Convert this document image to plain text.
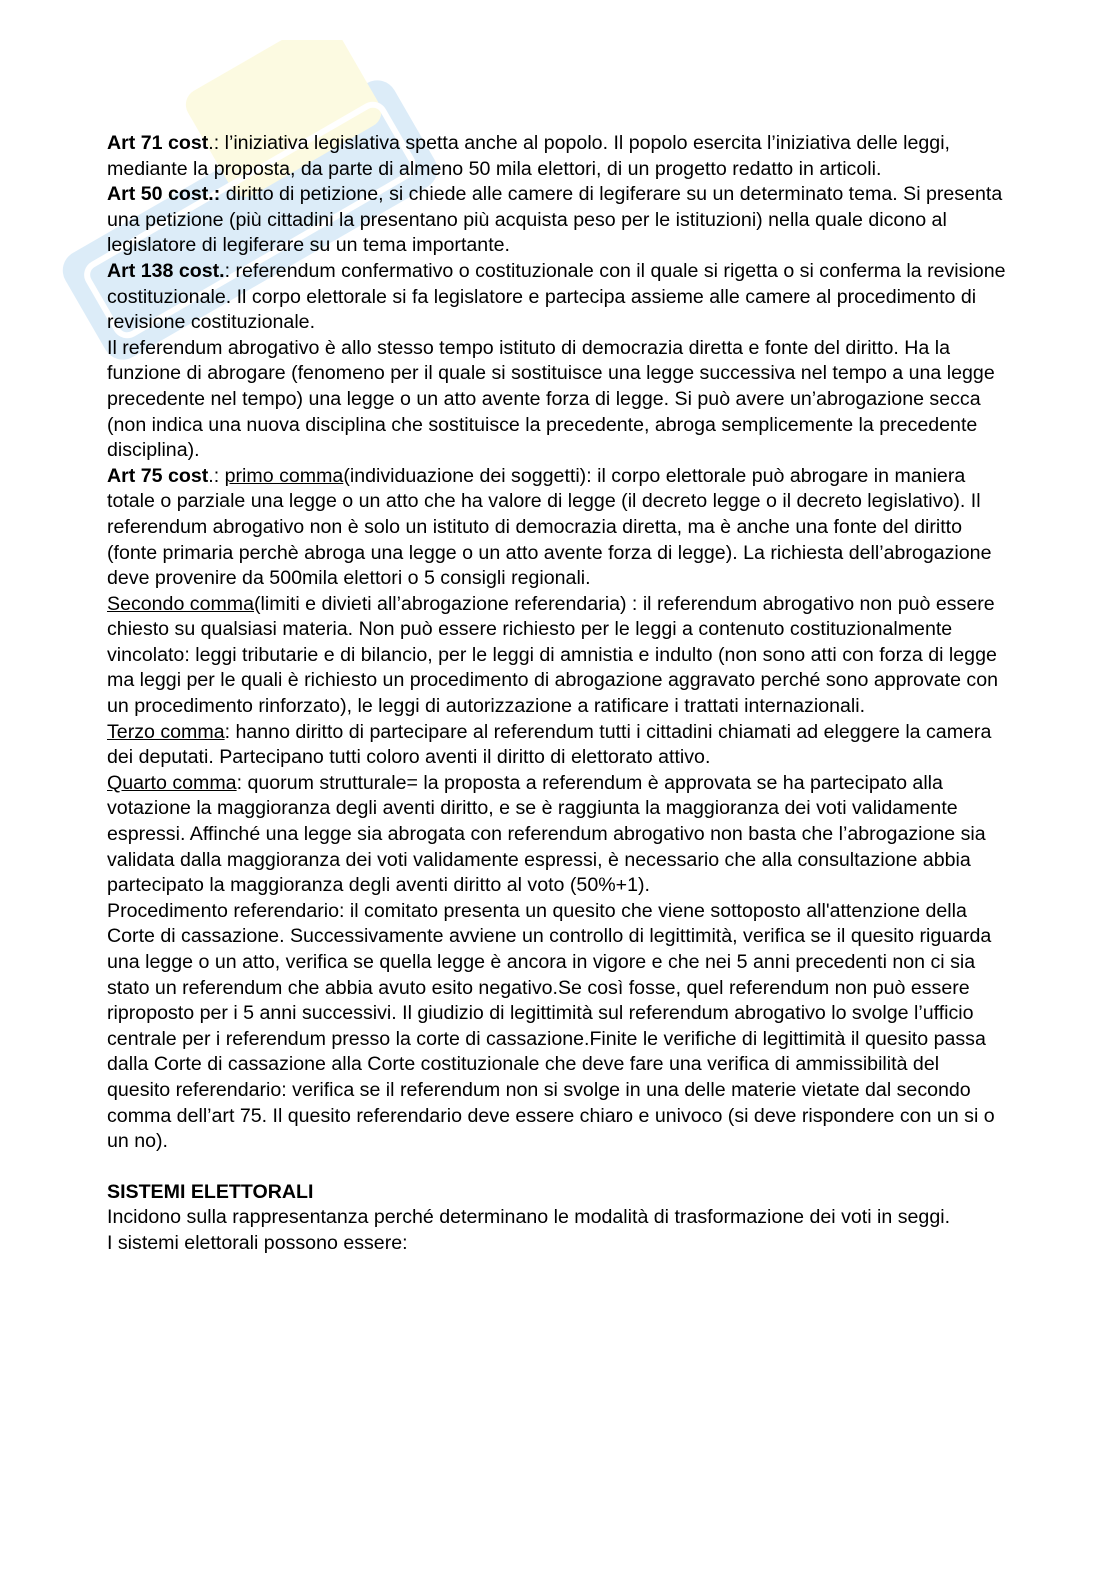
Art 71 cost.: l’iniziativa legislativa spetta anche al popolo. Il popolo esercita l’iniziativa delle leggi, mediante la proposta, da parte di almeno 50 mila elettori, di un progetto redatto in articoli.

Art 50 cost.: diritto di petizione, si chiede alle camere di legiferare su un determinato tema. Si presenta una petizione (più cittadini la presentano più acquista peso per le istituzioni) nella quale dicono al legislatore di legiferare su un tema importante.

Art 138 cost.: referendum confermativo o costituzionale con il quale si rigetta o si conferma la revisione costituzionale. Il corpo elettorale si fa legislatore e partecipa assieme alle camere al procedimento di revisione costituzionale.

Il referendum abrogativo è allo stesso tempo istituto di democrazia diretta e fonte del diritto. Ha la funzione di abrogare (fenomeno per il quale si sostituisce una legge successiva nel tempo a una legge precedente nel tempo) una legge o un atto avente forza di legge. Si può avere un’abrogazione secca (non indica una nuova disciplina che sostituisce la precedente, abroga semplicemente la precedente disciplina).

Art 75 cost.: primo comma(individuazione dei soggetti): il corpo elettorale può abrogare in maniera totale o parziale una legge o un atto che ha valore di legge (il decreto legge o il decreto legislativo). Il referendum abrogativo non è solo un istituto di democrazia diretta, ma è anche una fonte del diritto (fonte primaria perchè abroga una legge o un atto avente forza di legge). La richiesta dell’abrogazione deve provenire da 500mila elettori o 5 consigli regionali.

Secondo comma(limiti e divieti all’abrogazione referendaria) : il referendum abrogativo non può essere chiesto su qualsiasi materia. Non può essere richiesto per le leggi a contenuto costituzionalmente vincolato: leggi tributarie e di bilancio, per le leggi di amnistia e indulto (non sono atti con forza di legge ma leggi per le quali è richiesto un procedimento di abrogazione aggravato perché sono approvate con un procedimento rinforzato), le leggi di autorizzazione a ratificare i trattati internazionali.

Terzo comma: hanno diritto di partecipare al referendum tutti i cittadini chiamati ad eleggere la camera dei deputati. Partecipano tutti coloro aventi il diritto di elettorato attivo.

Quarto comma: quorum strutturale= la proposta a referendum è approvata se ha partecipato alla votazione la maggioranza degli aventi diritto, e se è raggiunta la maggioranza dei voti validamente espressi. Affinché una legge sia abrogata con referendum abrogativo non basta che l’abrogazione sia validata dalla maggioranza dei voti validamente espressi, è necessario che alla consultazione abbia partecipato la maggioranza degli aventi diritto al voto (50%+1).

Procedimento referendario: il comitato presenta un quesito che viene sottoposto all'attenzione della Corte di cassazione. Successivamente avviene un controllo di legittimità, verifica se il quesito riguarda una legge o un atto, verifica se quella legge è ancora in vigore e che nei 5 anni precedenti non ci sia stato un referendum che abbia avuto esito negativo.Se così fosse, quel referendum non può essere riproposto per i 5 anni successivi. Il giudizio di legittimità sul referendum abrogativo lo svolge l’ufficio centrale per i referendum presso la corte di cassazione.Finite le verifiche di legittimità il quesito passa dalla Corte di cassazione alla Corte costituzionale che deve fare una verifica di ammissibilità del quesito referendario: verifica se il referendum non si svolge in una delle materie vietate dal secondo comma dell’art 75. Il quesito referendario deve essere chiaro e univoco (si deve rispondere con un si o un no).

SISTEMI ELETTORALI

Incidono sulla rappresentanza perché determinano le modalità di trasformazione dei voti in seggi.

I sistemi elettorali possono essere:
